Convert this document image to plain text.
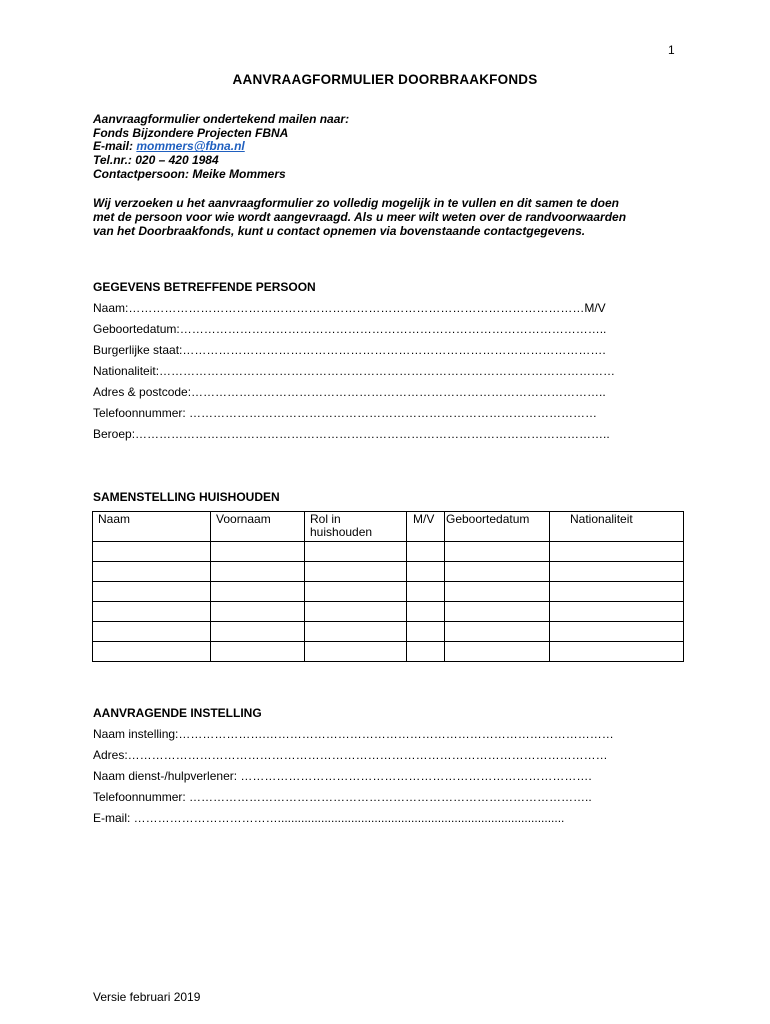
1
AANVRAAGFORMULIER DOORBRAAKFONDS
Aanvraagformulier ondertekend mailen naar:
Fonds Bijzondere Projecten FBNA
E-mail: mommers@fbna.nl
Tel.nr.: 020 – 420 1984
Contactpersoon: Meike Mommers
Wij verzoeken u het aanvraagformulier zo volledig mogelijk in te vullen en dit samen te doen
met de persoon voor wie wordt aangevraagd. Als u meer wilt weten over de randvoorwaarden
van het Doorbraakfonds, kunt u contact opnemen via bovenstaande contactgegevens.
GEGEVENS BETREFFENDE PERSOON
Naam:……………………………………………………………………………………………………M/V
Geboortedatum:……………………………………………………………………………………………..
Burgerlijke staat:…………………………………………………………………………………………….
Nationaliteit:……………………………………………………………………………………………………
Adres & postcode:…………………………………………………………………………………………..
Telefoonnummer: …………………………………………………………………………………………
Beroep:………………………………………………………………………………………………………..
SAMENSTELLING HUISHOUDEN
Naam	Voornaam	Rol in huishouden	M/V	Geboortedatum	Nationaliteit

AANVRAGENDE INSTELLING
Naam instelling:………………….……………………………………………………………………………
Adres:…………………………………………………………………………………………………………
Naam dienst-/hulpverlener: …………………………………………………………………………….
Telefoonnummer: ………………………………………………………………………………………..
E-mail: ………………………………......................................................................................
Versie februari 2019
